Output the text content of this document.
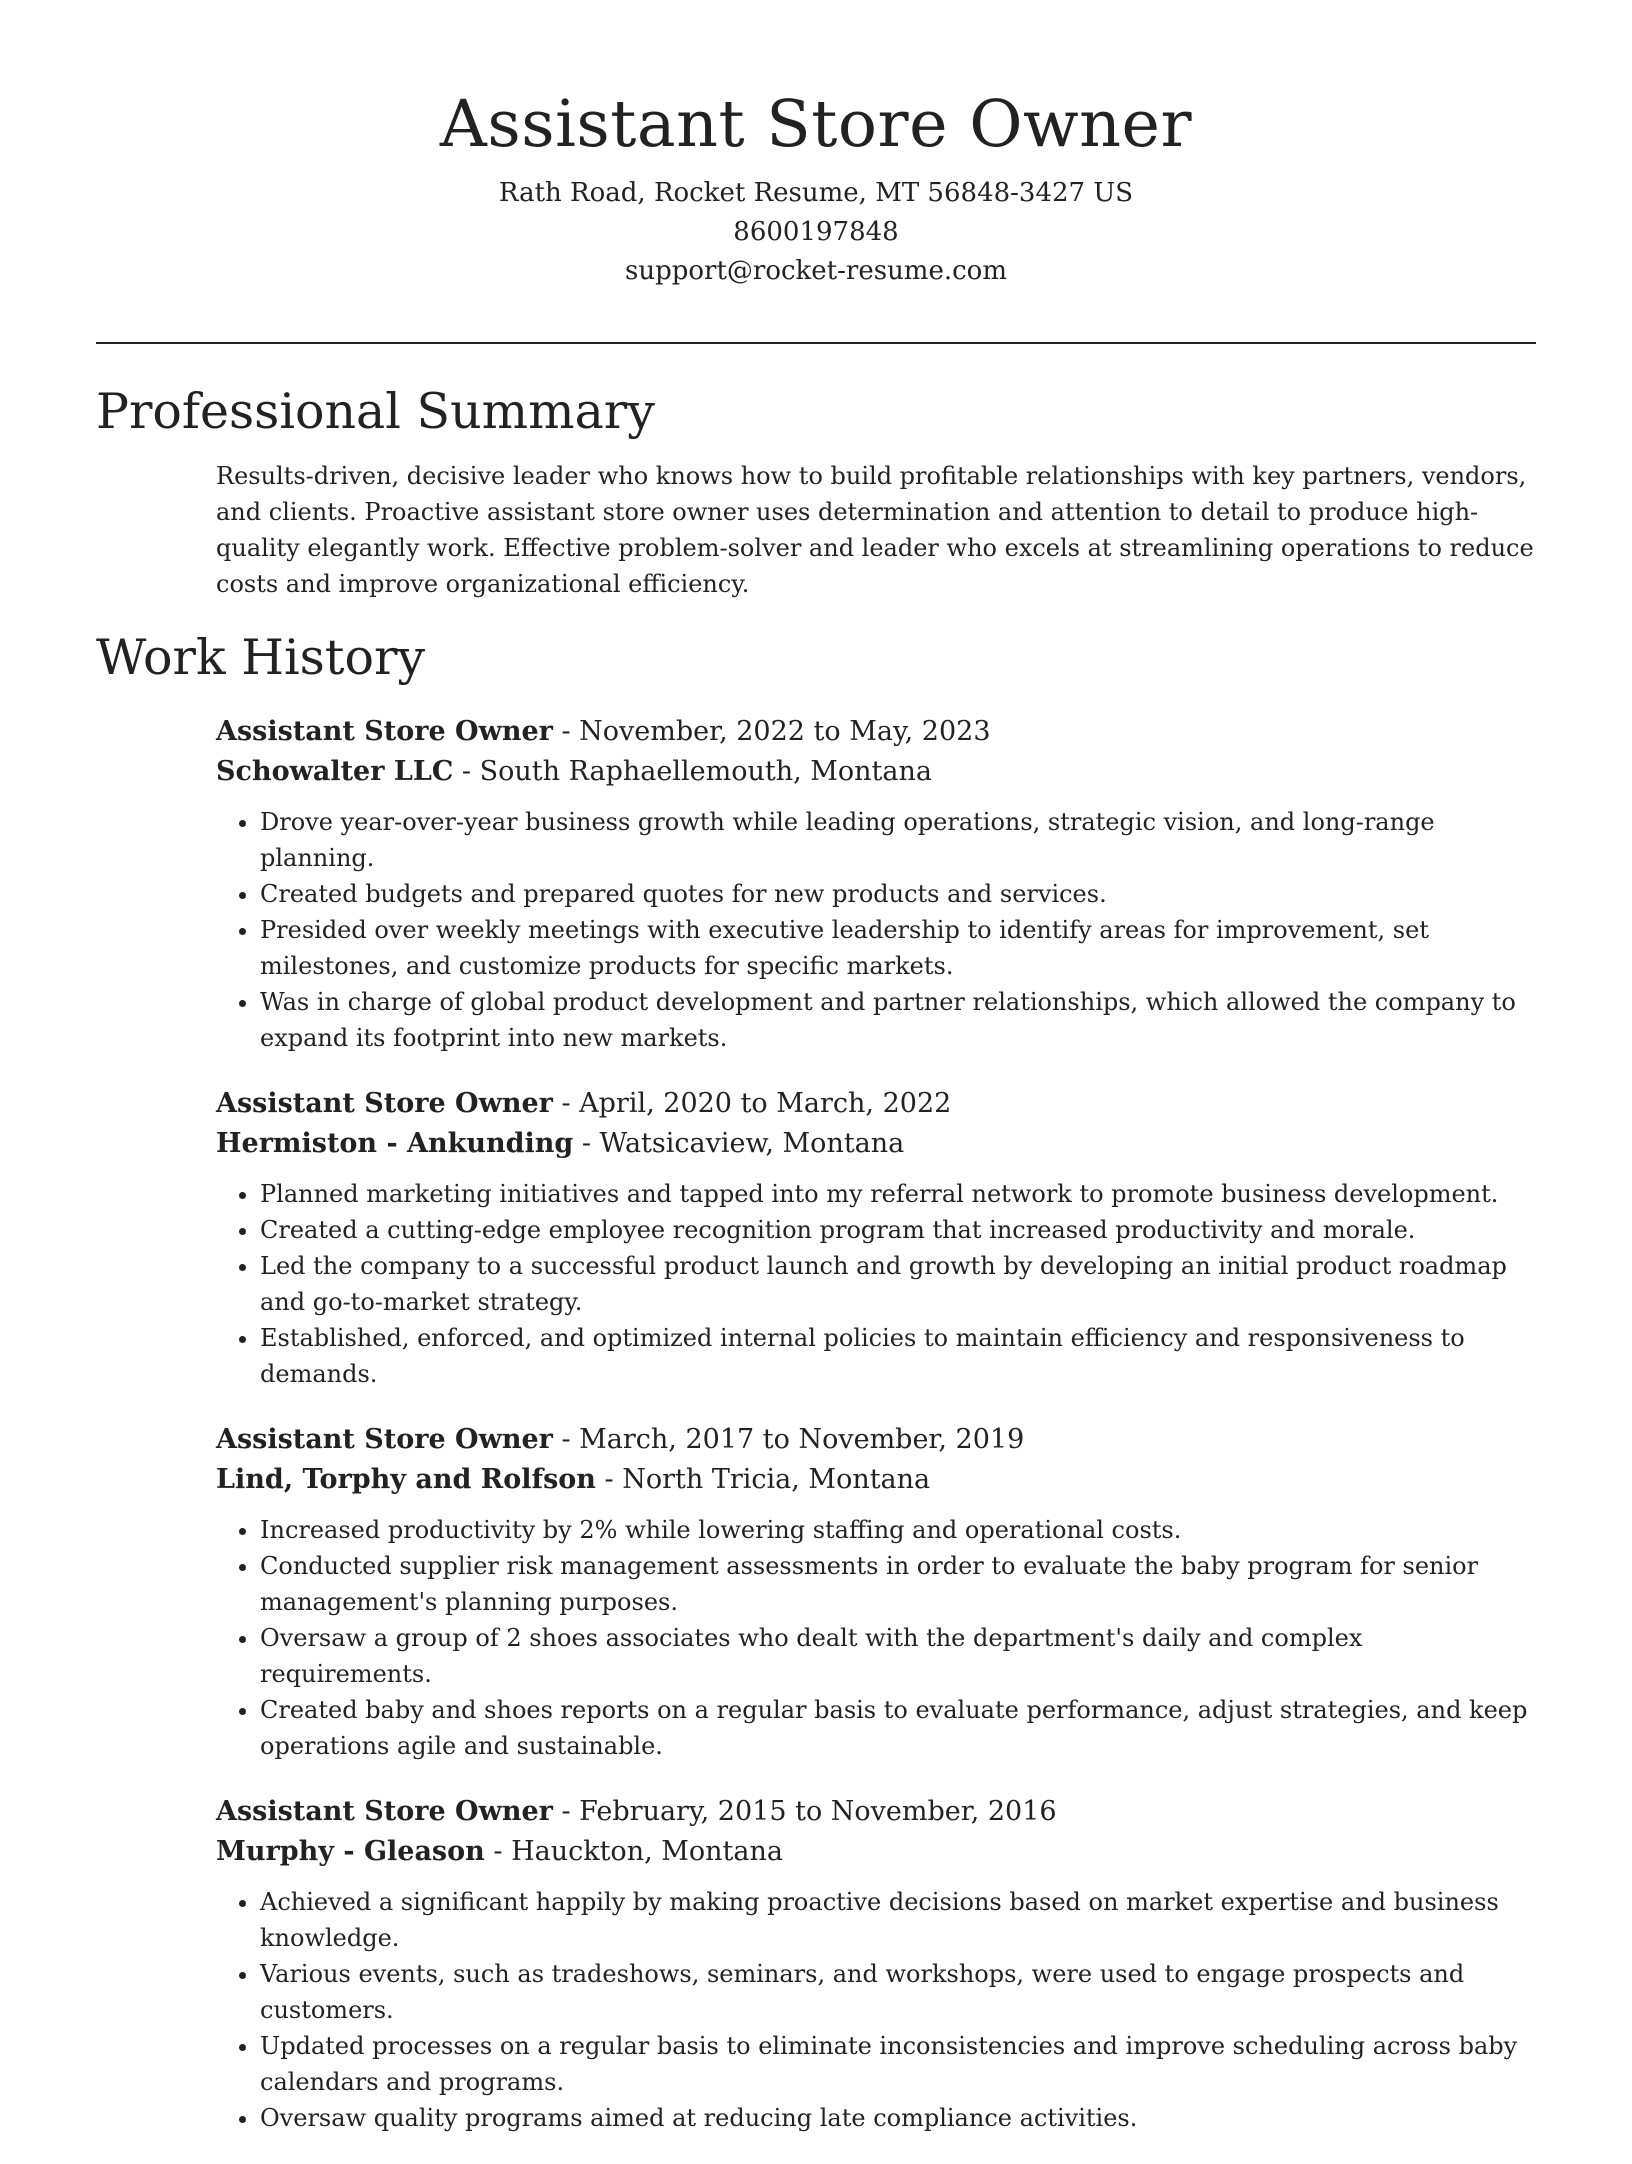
Assistant Store Owner
Rath Road, Rocket Resume, MT 56848-3427 US
8600197848
support@rocket-resume.com
Professional Summary

Results-driven, decisive leader who knows how to build profitable relationships with key partners, vendors, and clients. Proactive assistant store owner uses determination and attention to detail to produce high-quality elegantly work. Effective problem-solver and leader who excels at streamlining operations to reduce costs and improve organizational efficiency.

Work History
Assistant Store Owner - November, 2022 to May, 2023
Schowalter LLC - South Raphaellemouth, Montana
• Drove year-over-year business growth while leading operations, strategic vision, and long-range planning.
• Created budgets and prepared quotes for new products and services.
• Presided over weekly meetings with executive leadership to identify areas for improvement, set milestones, and customize products for specific markets.
• Was in charge of global product development and partner relationships, which allowed the company to expand its footprint into new markets.
Assistant Store Owner - April, 2020 to March, 2022
Hermiston - Ankunding - Watsicaview, Montana
• Planned marketing initiatives and tapped into my referral network to promote business development.
• Created a cutting-edge employee recognition program that increased productivity and morale.
• Led the company to a successful product launch and growth by developing an initial product roadmap and go-to-market strategy.
• Established, enforced, and optimized internal policies to maintain efficiency and responsiveness to demands.
Assistant Store Owner - March, 2017 to November, 2019
Lind, Torphy and Rolfson - North Tricia, Montana
• Increased productivity by 2% while lowering staffing and operational costs.
• Conducted supplier risk management assessments in order to evaluate the baby program for senior management's planning purposes.
• Oversaw a group of 2 shoes associates who dealt with the department's daily and complex requirements.
• Created baby and shoes reports on a regular basis to evaluate performance, adjust strategies, and keep operations agile and sustainable.
Assistant Store Owner - February, 2015 to November, 2016
Murphy - Gleason - Hauckton, Montana
• Achieved a significant happily by making proactive decisions based on market expertise and business knowledge.
• Various events, such as tradeshows, seminars, and workshops, were used to engage prospects and customers.
• Updated processes on a regular basis to eliminate inconsistencies and improve scheduling across baby calendars and programs.
• Oversaw quality programs aimed at reducing late compliance activities.
